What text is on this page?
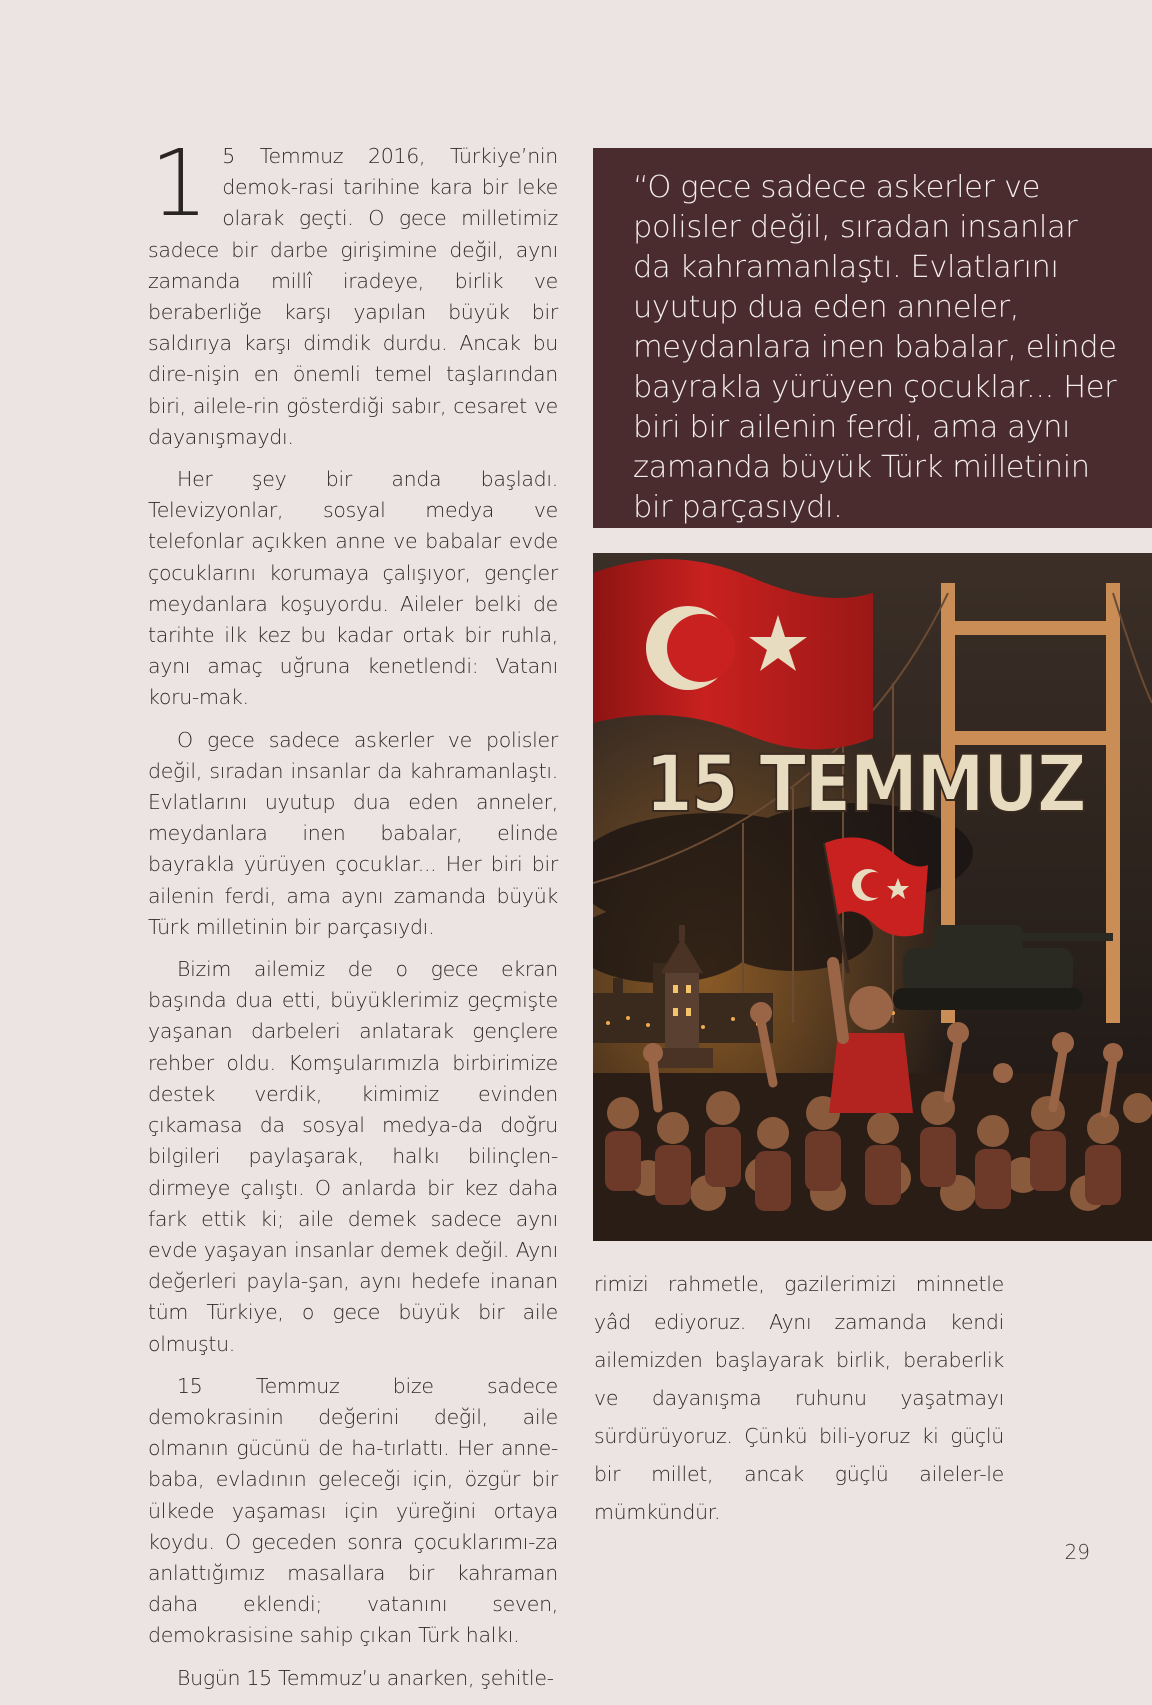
1 5 Temmuz 2016, Türkiye’nin demok-rasi tarihine kara bir leke olarak geçti. O gece milletimiz sadece bir darbe girişimine değil, aynı zamanda millî iradeye, birlik ve beraberliğe karşı yapılan büyük bir saldırıya karşı dimdik durdu. Ancak bu dire-nişin en önemli temel taşlarından biri, ailele-rin gösterdiği sabır, cesaret ve dayanışmaydı.

Her şey bir anda başladı. Televizyonlar, sosyal medya ve telefonlar açıkken anne ve babalar evde çocuklarını korumaya çalışıyor, gençler meydanlara koşuyordu. Aileler belki de tarihte ilk kez bu kadar ortak bir ruhla, aynı amaç uğruna kenetlendi: Vatanı koru-mak.

O gece sadece askerler ve polisler değil, sıradan insanlar da kahramanlaştı. Evlatlarını uyutup dua eden anneler, meydanlara inen babalar, elinde bayrakla yürüyen çocuklar... Her biri bir ailenin ferdi, ama aynı zamanda büyük Türk milletinin bir parçasıydı.

Bizim ailemiz de o gece ekran başında dua etti, büyüklerimiz geçmişte yaşanan darbeleri anlatarak gençlere rehber oldu. Komşularımızla birbirimize destek verdik, kimimiz evinden çıkamasa da sosyal medya-da doğru bilgileri paylaşarak, halkı bilinçlen-dirmeye çalıştı. O anlarda bir kez daha fark ettik ki; aile demek sadece aynı evde yaşayan insanlar demek değil. Aynı değerleri payla-şan, aynı hedefe inanan tüm Türkiye, o gece büyük bir aile olmuştu.

15 Temmuz bize sadece demokrasinin değerini değil, aile olmanın gücünü de ha-tırlattı. Her anne-baba, evladının geleceği için, özgür bir ülkede yaşaması için yüreğini ortaya koydu. O geceden sonra çocuklarımı-za anlattığımız masallara bir kahraman daha eklendi; vatanını seven, demokrasisine sahip çıkan Türk halkı.

Bugün 15 Temmuz’u anarken, şehitle-

“O gece sadece askerler ve polisler değil, sıradan insanlar da kahramanlaştı. Evlatlarını uyutup dua eden anneler, meydanlara inen babalar, elinde bayrakla yürüyen çocuklar... Her biri bir ailenin ferdi, ama aynı zamanda büyük Türk milletinin bir parçasıydı.

15 TEMMUZ

rimizi rahmetle, gazilerimizi minnetle yâd ediyoruz. Aynı zamanda kendi ailemizden başlayarak birlik, beraberlik ve dayanışma ruhunu yaşatmayı sürdürüyoruz. Çünkü bili-yoruz ki güçlü bir millet, ancak güçlü aileler-le mümkündür.

29
